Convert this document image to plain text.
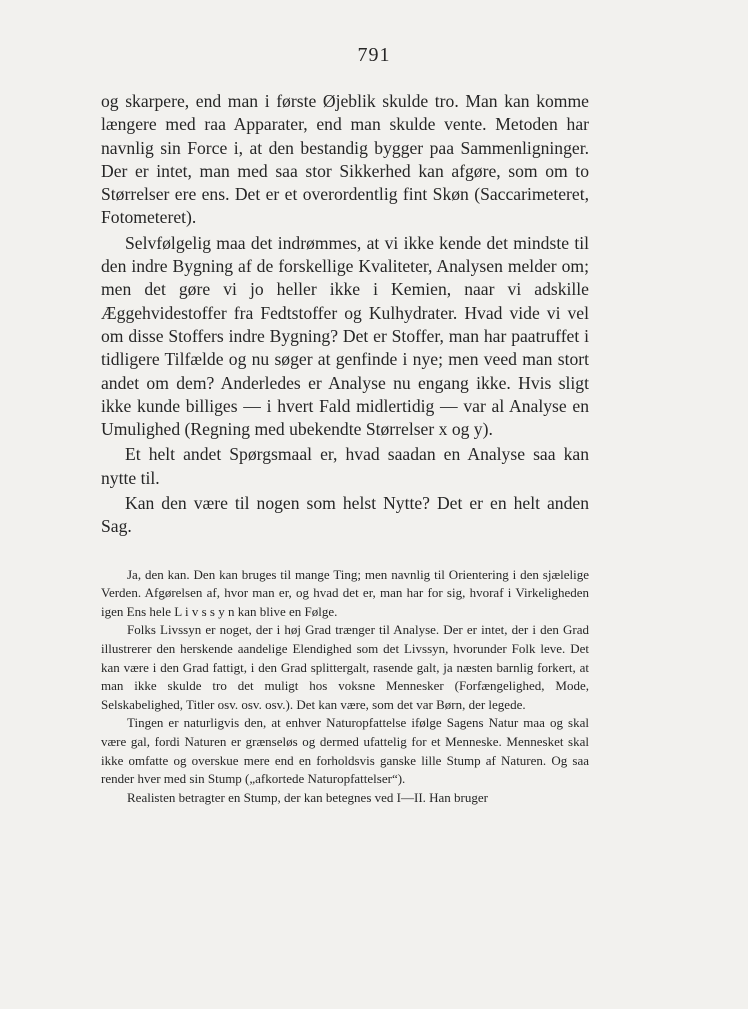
791

og skarpere, end man i første Øjeblik skulde tro. Man kan komme længere med raa Apparater, end man skulde vente. Metoden har navnlig sin Force i, at den bestandig bygger paa Sammenligninger. Der er intet, man med saa stor Sikkerhed kan afgøre, som om to Størrelser ere ens. Det er et overordentlig fint Skøn (Saccarimeteret, Fotometeret).

Selvfølgelig maa det indrømmes, at vi ikke kende det mindste til den indre Bygning af de forskellige Kvaliteter, Analysen melder om; men det gøre vi jo heller ikke i Kemien, naar vi adskille Æggehvidestoffer fra Fedtstoffer og Kulhydrater. Hvad vide vi vel om disse Stoffers indre Bygning? Det er Stoffer, man har paatruffet i tidligere Tilfælde og nu søger at genfinde i nye; men veed man stort andet om dem? Anderledes er Analyse nu engang ikke. Hvis sligt ikke kunde billiges — i hvert Fald midlertidig — var al Analyse en Umulighed (Regning med ubekendte Størrelser x og y).

Et helt andet Spørgsmaal er, hvad saadan en Analyse saa kan nytte til.

Kan den være til nogen som helst Nytte? Det er en helt anden Sag.

Ja, den kan. Den kan bruges til mange Ting; men navnlig til Orientering i den sjælelige Verden. Afgørelsen af, hvor man er, og hvad det er, man har for sig, hvoraf i Virkeligheden igen Ens hele L i v s s y n kan blive en Følge.

Folks Livssyn er noget, der i høj Grad trænger til Analyse. Der er intet, der i den Grad illustrerer den herskende aandelige Elendighed som det Livssyn, hvorunder Folk leve. Det kan være i den Grad fattigt, i den Grad splittergalt, rasende galt, ja næsten barnlig forkert, at man ikke skulde tro det muligt hos voksne Mennesker (Forfængelighed, Mode, Selskabelighed, Titler osv. osv. osv.). Det kan være, som det var Børn, der legede.

Tingen er naturligvis den, at enhver Naturopfattelse ifølge Sagens Natur maa og skal være gal, fordi Naturen er grænseløs og dermed ufattelig for et Menneske. Mennesket skal ikke omfatte og overskue mere end en forholdsvis ganske lille Stump af Naturen. Og saa render hver med sin Stump („afkortede Naturopfattelser“).

Realisten betragter en Stump, der kan betegnes ved I—II. Han bruger
